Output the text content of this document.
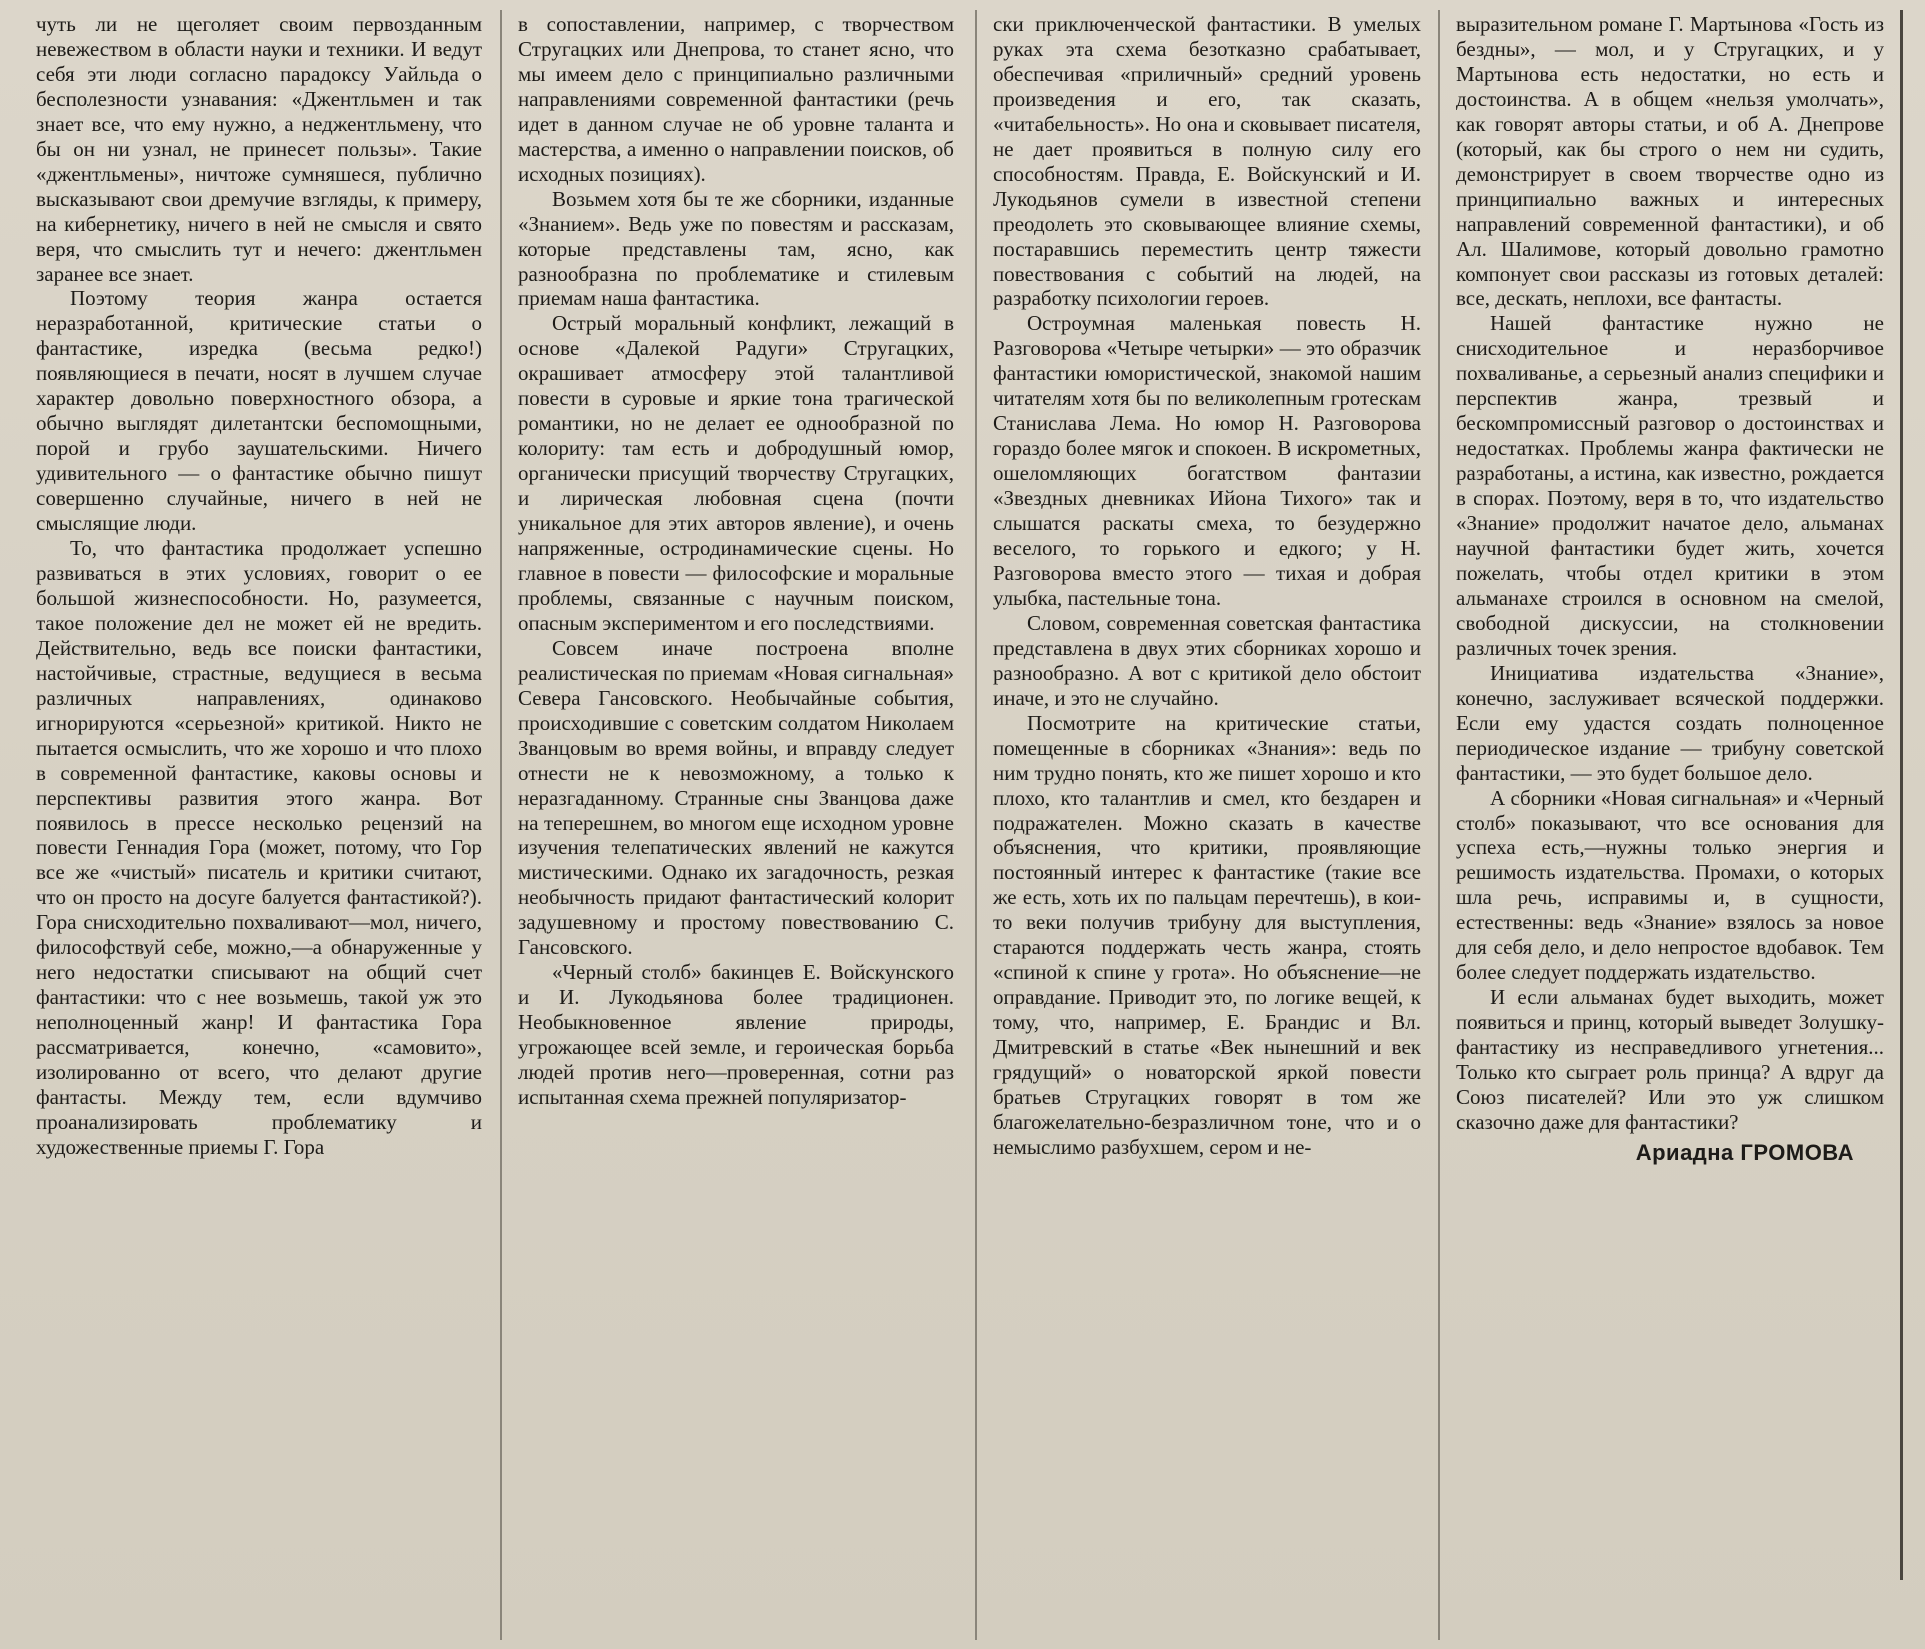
чуть ли не щеголяет своим первозданным невежеством в области науки и техники. И ведут себя эти люди согласно парадоксу Уайльда о бесполезности узнавания: «Джентльмен и так знает все, что ему нужно, а неджентльмену, что бы он ни узнал, не принесет пользы». Такие «джентльмены», ничтоже сумняшеся, публично высказывают свои дремучие взгляды, к примеру, на кибернетику, ничего в ней не смысля и свято веря, что смыслить тут и нечего: джентльмен заранее все знает.

Поэтому теория жанра остается неразработанной, критические статьи о фантастике, изредка (весьма редко!) появляющиеся в печати, носят в лучшем случае характер довольно поверхностного обзора, а обычно выглядят дилетантски беспомощными, порой и грубо заушательскими. Ничего удивительного — о фантастике обычно пишут совершенно случайные, ничего в ней не смыслящие люди.

То, что фантастика продолжает успешно развиваться в этих условиях, говорит о ее большой жизнеспособности. Но, разумеется, такое положение дел не может ей не вредить. Действительно, ведь все поиски фантастики, настойчивые, страстные, ведущиеся в весьма различных направлениях, одинаково игнорируются «серьезной» критикой. Никто не пытается осмыслить, что же хорошо и что плохо в современной фантастике, каковы основы и перспективы развития этого жанра. Вот появилось в прессе несколько рецензий на повести Геннадия Гора (может, потому, что Гор все же «чистый» писатель и критики считают, что он просто на досуге балуется фантастикой?). Гора снисходительно похваливают—мол, ничего, философствуй себе, можно,—а обнаруженные у него недостатки списывают на общий счет фантастики: что с нее возьмешь, такой уж это неполноценный жанр! И фантастика Гора рассматривается, конечно, «самовито», изолированно от всего, что делают другие фантасты. Между тем, если вдумчиво проанализировать проблематику и художественные приемы Г. Гора

в сопоставлении, например, с творчеством Стругацких или Днепрова, то станет ясно, что мы имеем дело с принципиально различными направлениями современной фантастики (речь идет в данном случае не об уровне таланта и мастерства, а именно о направлении поисков, об исходных позициях).

Возьмем хотя бы те же сборники, изданные «Знанием». Ведь уже по повестям и рассказам, которые представлены там, ясно, как разнообразна по проблематике и стилевым приемам наша фантастика.

Острый моральный конфликт, лежащий в основе «Далекой Радуги» Стругацких, окрашивает атмосферу этой талантливой повести в суровые и яркие тона трагической романтики, но не делает ее однообразной по колориту: там есть и добродушный юмор, органически присущий творчеству Стругацких, и лирическая любовная сцена (почти уникальное для этих авторов явление), и очень напряженные, остродинамические сцены. Но главное в повести — философские и моральные проблемы, связанные с научным поиском, опасным экспериментом и его последствиями.

Совсем иначе построена вполне реалистическая по приемам «Новая сигнальная» Севера Гансовского. Необычайные события, происходившие с советским солдатом Николаем Званцовым во время войны, и вправду следует отнести не к невозможному, а только к неразгаданному. Странные сны Званцова даже на теперешнем, во многом еще исходном уровне изучения телепатических явлений не кажутся мистическими. Однако их загадочность, резкая необычность придают фантастический колорит задушевному и простому повествованию С. Гансовского.

«Черный столб» бакинцев Е. Войскунского и И. Лукодьянова более традиционен. Необыкновенное явление природы, угрожающее всей земле, и героическая борьба людей против него—проверенная, сотни раз испытанная схема прежней популяризатор-

ски приключенческой фантастики. В умелых руках эта схема безотказно срабатывает, обеспечивая «приличный» средний уровень произведения и его, так сказать, «читабельность». Но она и сковывает писателя, не дает проявиться в полную силу его способностям. Правда, Е. Войскунский и И. Лукодьянов сумели в известной степени преодолеть это сковывающее влияние схемы, постаравшись переместить центр тяжести повествования с событий на людей, на разработку психологии героев.

Остроумная маленькая повесть Н. Разговорова «Четыре четырки» — это образчик фантастики юмористической, знакомой нашим читателям хотя бы по великолепным гротескам Станислава Лема. Но юмор Н. Разговорова гораздо более мягок и спокоен. В искрометных, ошеломляющих богатством фантазии «Звездных дневниках Ийона Тихого» так и слышатся раскаты смеха, то безудержно веселого, то горького и едкого; у Н. Разговорова вместо этого — тихая и добрая улыбка, пастельные тона.

Словом, современная советская фантастика представлена в двух этих сборниках хорошо и разнообразно. А вот с критикой дело обстоит иначе, и это не случайно.

Посмотрите на критические статьи, помещенные в сборниках «Знания»: ведь по ним трудно понять, кто же пишет хорошо и кто плохо, кто талантлив и смел, кто бездарен и подражателен. Можно сказать в качестве объяснения, что критики, проявляющие постоянный интерес к фантастике (такие все же есть, хоть их по пальцам перечтешь), в кои-то веки получив трибуну для выступления, стараются поддержать честь жанра, стоять «спиной к спине у грота». Но объяснение—не оправдание. Приводит это, по логике вещей, к тому, что, например, Е. Брандис и Вл. Дмитревский в статье «Век нынешний и век грядущий» о новаторской яркой повести братьев Стругацких говорят в том же благожелательно-безразличном тоне, что и о немыслимо разбухшем, сером и не-

выразительном романе Г. Мартынова «Гость из бездны», — мол, и у Стругацких, и у Мартынова есть недостатки, но есть и достоинства. А в общем «нельзя умолчать», как говорят авторы статьи, и об А. Днепрове (который, как бы строго о нем ни судить, демонстрирует в своем творчестве одно из принципиально важных и интересных направлений современной фантастики), и об Ал. Шалимове, который довольно грамотно компонует свои рассказы из готовых деталей: все, дескать, неплохи, все фантасты.

Нашей фантастике нужно не снисходительное и неразборчивое похваливанье, а серьезный анализ специфики и перспектив жанра, трезвый и бескомпромиссный разговор о достоинствах и недостатках. Проблемы жанра фактически не разработаны, а истина, как известно, рождается в спорах. Поэтому, веря в то, что издательство «Знание» продолжит начатое дело, альманах научной фантастики будет жить, хочется пожелать, чтобы отдел критики в этом альманахе строился в основном на смелой, свободной дискуссии, на столкновении различных точек зрения.

Инициатива издательства «Знание», конечно, заслуживает всяческой поддержки. Если ему удастся создать полноценное периодическое издание — трибуну советской фантастики, — это будет большое дело.

А сборники «Новая сигнальная» и «Черный столб» показывают, что все основания для успеха есть,—нужны только энергия и решимость издательства. Промахи, о которых шла речь, исправимы и, в сущности, естественны: ведь «Знание» взялось за новое для себя дело, и дело непростое вдобавок. Тем более следует поддержать издательство.

И если альманах будет выходить, может появиться и принц, который выведет Золушку-фантастику из несправедливого угнетения... Только кто сыграет роль принца? А вдруг да Союз писателей? Или это уж слишком сказочно даже для фантастики?

Ариадна ГРОМОВА
